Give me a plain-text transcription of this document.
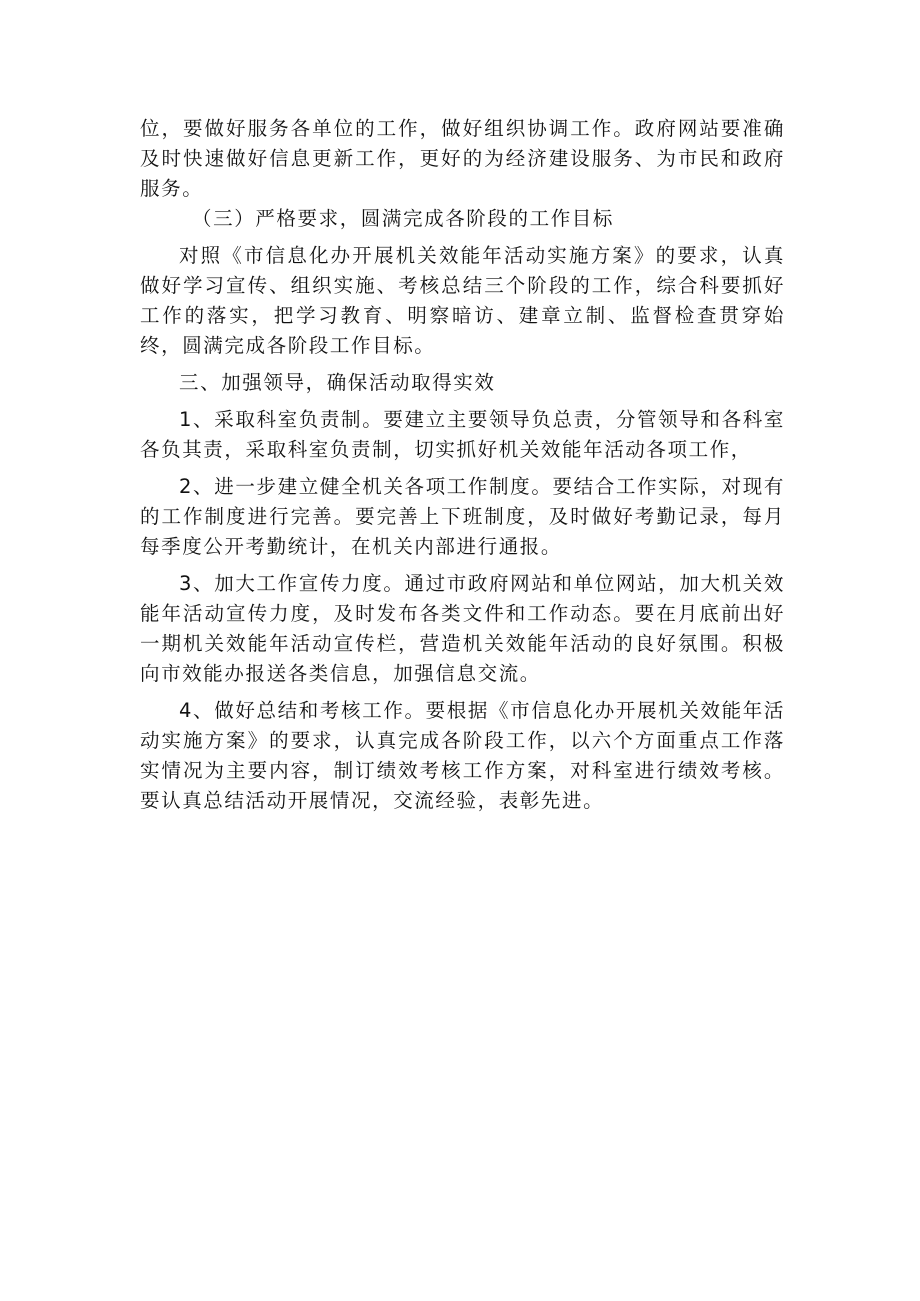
位，要做好服务各单位的工作，做好组织协调工作。政府网站要准确及时快速做好信息更新工作，更好的为经济建设服务、为市民和政府服务。

（三）严格要求，圆满完成各阶段的工作目标

对照《市信息化办开展机关效能年活动实施方案》的要求，认真做好学习宣传、组织实施、考核总结三个阶段的工作，综合科要抓好工作的落实，把学习教育、明察暗访、建章立制、监督检查贯穿始终，圆满完成各阶段工作目标。

三、加强领导，确保活动取得实效

1、采取科室负责制。要建立主要领导负总责，分管领导和各科室各负其责，采取科室负责制，切实抓好机关效能年活动各项工作，

2、进一步建立健全机关各项工作制度。要结合工作实际，对现有的工作制度进行完善。要完善上下班制度，及时做好考勤记录，每月每季度公开考勤统计，在机关内部进行通报。

3、加大工作宣传力度。通过市政府网站和单位网站，加大机关效能年活动宣传力度，及时发布各类文件和工作动态。要在月底前出好一期机关效能年活动宣传栏，营造机关效能年活动的良好氛围。积极向市效能办报送各类信息，加强信息交流。

4、做好总结和考核工作。要根据《市信息化办开展机关效能年活动实施方案》的要求，认真完成各阶段工作，以六个方面重点工作落实情况为主要内容，制订绩效考核工作方案，对科室进行绩效考核。要认真总结活动开展情况，交流经验，表彰先进。
